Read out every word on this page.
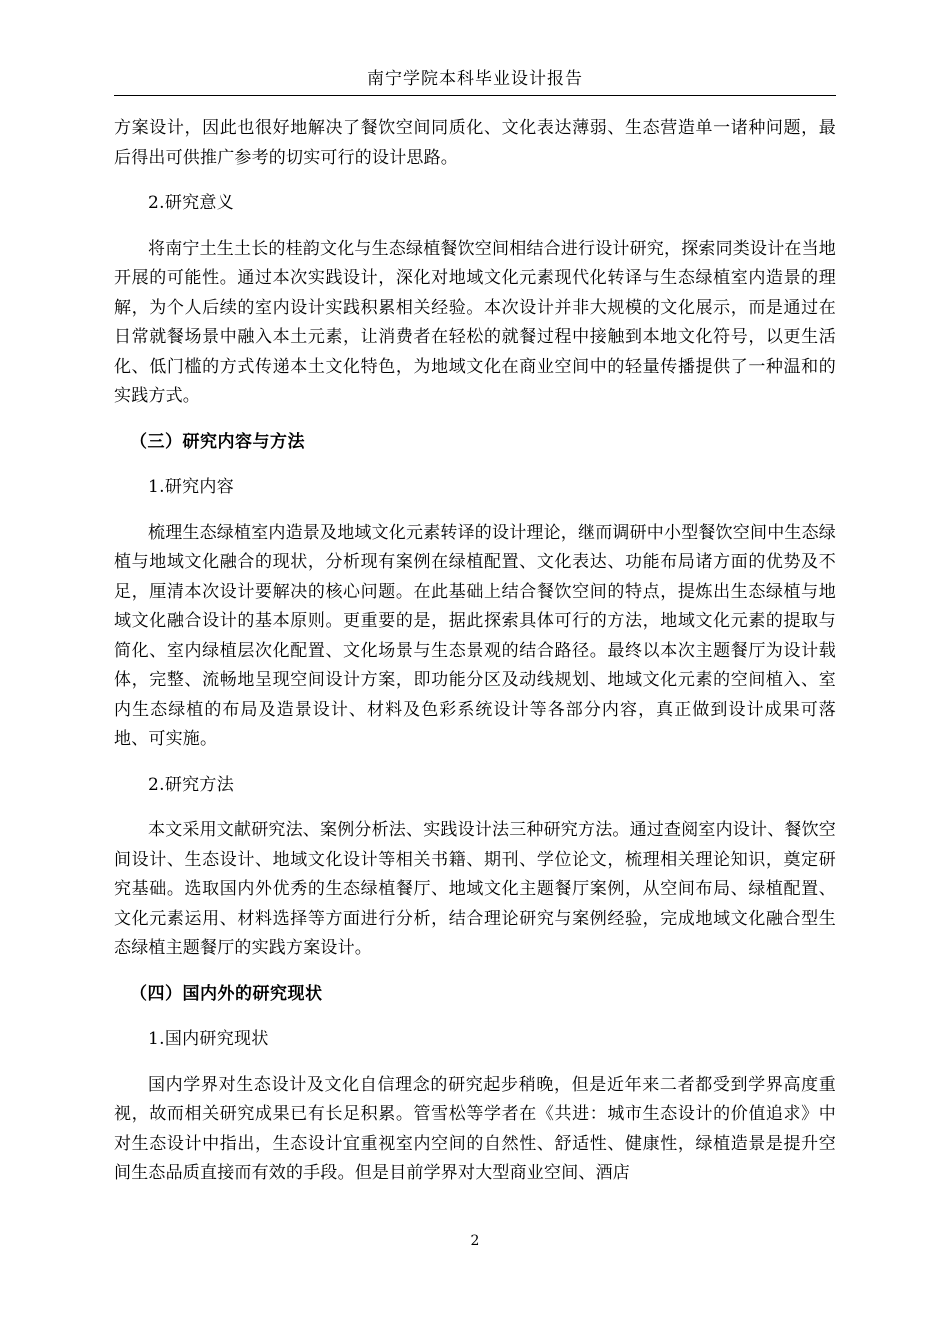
南宁学院本科毕业设计报告

方案设计，因此也很好地解决了餐饮空间同质化、文化表达薄弱、生态营造单一诸种问题，最后得出可供推广参考的切实可行的设计思路。

2.研究意义

将南宁土生土长的桂韵文化与生态绿植餐饮空间相结合进行设计研究，探索同类设计在当地开展的可能性。通过本次实践设计，深化对地域文化元素现代化转译与生态绿植室内造景的理解，为个人后续的室内设计实践积累相关经验。本次设计并非大规模的文化展示，而是通过在日常就餐场景中融入本土元素，让消费者在轻松的就餐过程中接触到本地文化符号，以更生活化、低门槛的方式传递本土文化特色，为地域文化在商业空间中的轻量传播提供了一种温和的实践方式。

（三）研究内容与方法

1.研究内容

梳理生态绿植室内造景及地域文化元素转译的设计理论，继而调研中小型餐饮空间中生态绿植与地域文化融合的现状，分析现有案例在绿植配置、文化表达、功能布局诸方面的优势及不足，厘清本次设计要解决的核心问题。在此基础上结合餐饮空间的特点，提炼出生态绿植与地域文化融合设计的基本原则。更重要的是，据此探索具体可行的方法，地域文化元素的提取与简化、室内绿植层次化配置、文化场景与生态景观的结合路径。最终以本次主题餐厅为设计载体，完整、流畅地呈现空间设计方案，即功能分区及动线规划、地域文化元素的空间植入、室内生态绿植的布局及造景设计、材料及色彩系统设计等各部分内容，真正做到设计成果可落地、可实施。

2.研究方法

本文采用文献研究法、案例分析法、实践设计法三种研究方法。通过查阅室内设计、餐饮空间设计、生态设计、地域文化设计等相关书籍、期刊、学位论文，梳理相关理论知识，奠定研究基础。选取国内外优秀的生态绿植餐厅、地域文化主题餐厅案例，从空间布局、绿植配置、文化元素运用、材料选择等方面进行分析，结合理论研究与案例经验，完成地域文化融合型生态绿植主题餐厅的实践方案设计。

（四）国内外的研究现状

1.国内研究现状

国内学界对生态设计及文化自信理念的研究起步稍晚，但是近年来二者都受到学界高度重视，故而相关研究成果已有长足积累。管雪松等学者在《共进：城市生态设计的价值追求》中对生态设计中指出，生态设计宜重视室内空间的自然性、舒适性、健康性，绿植造景是提升空间生态品质直接而有效的手段。但是目前学界对大型商业空间、酒店

2
